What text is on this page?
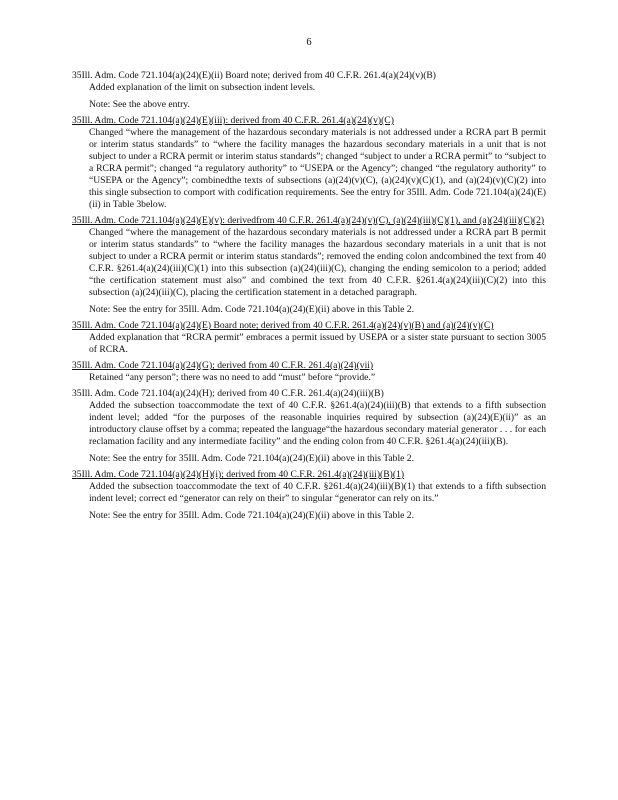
6
35Ill. Adm. Code 721.104(a)(24)(E)(ii) Board note; derived from 40 C.F.R. 261.4(a)(24)(v)(B)
Added explanation of the limit on subsection indent levels.
Note: See the above entry.
35Ill. Adm. Code 721.104(a)(24)(E)(iii): derived from 40 C.F.R. 261.4(a)(24)(v)(C)
Changed “where the management of the hazardous secondary materials is not addressed under a RCRA part B permit or interim status standards” to “where the facility manages the hazardous secondary materials in a unit that is not subject to under a RCRA permit or interim status standards”; changed “subject to under a RCRA permit” to “subject to a RCRA permit”; changed “a regulatory authority” to “USEPA or the Agency”; changed “the regulatory authority” to “USEPA or the Agency”; combinedthe texts of subsections (a)(24)(v)(C), (a)(24)(v)(C)(1), and (a)(24)(v)(C)(2) into this single subsection to comport with codification requirements. See the entry for 35Ill. Adm. Code 721.104(a)(24)(E)(ii) in Table 3below.
35Ill. Adm. Code 721.104(a)(24)(E)(v): derivedfrom 40 C.F.R. 261.4(a)(24)(v)(C), (a)(24)(iii)(C)(1), and (a)(24)(iii)(C)(2)
Changed “where the management of the hazardous secondary materials is not addressed under a RCRA part B permit or interim status standards” to “where the facility manages the hazardous secondary materials in a unit that is not subject to under a RCRA permit or interim status standards”; removed the ending colon andcombined the text from 40 C.F.R. §261.4(a)(24)(iii)(C)(1) into this subsection (a)(24)(iii)(C), changing the ending semicolon to a period; added “the certification statement must also” and combined the text from 40 C.F.R. §261.4(a)(24)(iii)(C)(2) into this subsection (a)(24)(iii)(C), placing the certification statement in a detached paragraph.
Note: See the entry for 35Ill. Adm. Code 721.104(a)(24)(E)(ii) above in this Table 2.
35Ill. Adm. Code 721.104(a)(24)(E) Board note; derived from 40 C.F.R. 261.4(a)(24)(v)(B) and (a)(24)(v)(C)
Added explanation that “RCRA permit” embraces a permit issued by USEPA or a sister state pursuant to section 3005 of RCRA.
35Ill. Adm. Code 721.104(a)(24)(G); derived from 40 C.F.R. 261.4(a)(24)(vii)
Retained “any person”; there was no need to add “must” before “provide.”
35Ill. Adm. Code 721.104(a)(24)(H); derived from 40 C.F.R. 261.4(a)(24)(iii)(B)
Added the subsection toaccommodate the text of 40 C.F.R. §261.4(a)(24)(iii)(B) that extends to a fifth subsection indent level; added “for the purposes of the reasonable inquiries required by subsection (a)(24)(E)(ii)” as an introductory clause offset by a comma; repeated the language“the hazardous secondary material generator . . . for each reclamation facility and any intermediate facility” and the ending colon from 40 C.F.R. §261.4(a)(24)(iii)(B).
Note: See the entry for 35Ill. Adm. Code 721.104(a)(24)(E)(ii) above in this Table 2.
35Ill. Adm. Code 721.104(a)(24)(H)(i); derived from 40 C.F.R. 261.4(a)(24)(iii)(B)(1)
Added the subsection toaccommodate the text of 40 C.F.R. §261.4(a)(24)(iii)(B)(1) that extends to a fifth subsection indent level; correct ed “generator can rely on their” to singular “generator can rely on its.”
Note: See the entry for 35Ill. Adm. Code 721.104(a)(24)(E)(ii) above in this Table 2.
